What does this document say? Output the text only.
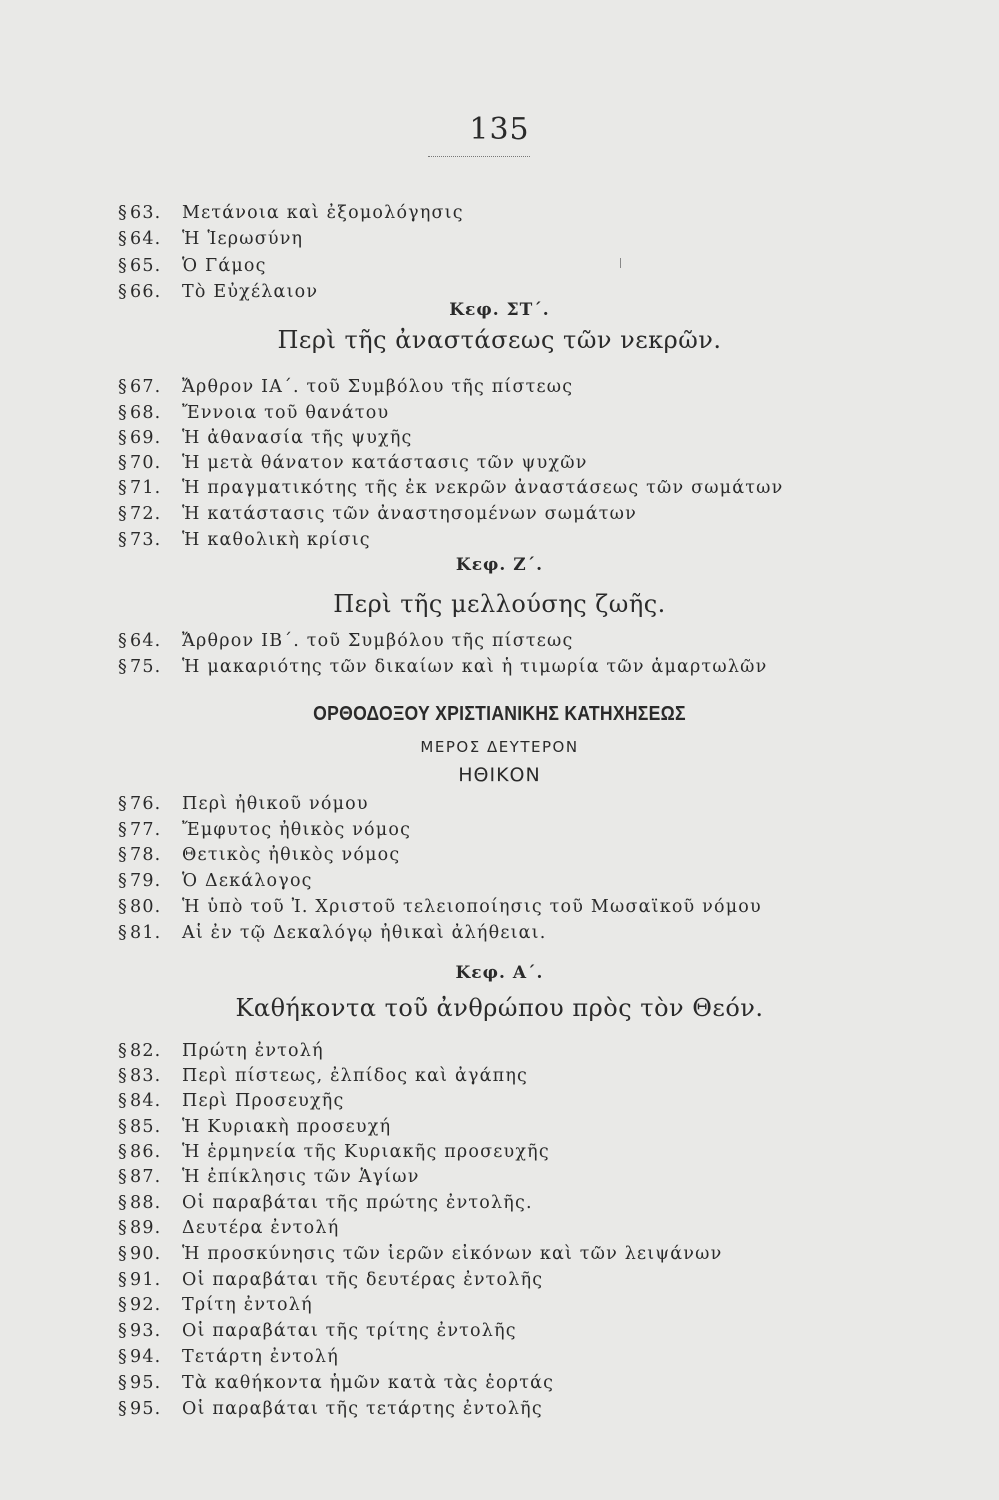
135
§ 63. Μετάνοια καὶ ἐξομολόγησις
§ 64. Ἡ Ἱερωσύνη
§ 65. Ὁ Γάμος
§ 66. Τὸ Εὐχέλαιον
Κεφ. ΣΤ΄.
Περὶ τῆς ἀναστάσεως τῶν νεκρῶν.
§ 67. Ἄρθρον ΙΑ΄. τοῦ Συμβόλου τῆς πίστεως
§ 68. Ἔννοια τοῦ θανάτου
§ 69. Ἡ ἀθανασία τῆς ψυχῆς
§ 70. Ἡ μετὰ θάνατον κατάστασις τῶν ψυχῶν
§ 71. Ἡ πραγματικότης τῆς ἐκ νεκρῶν ἀναστάσεως τῶν σωμάτων
§ 72. Ἡ κατάστασις τῶν ἀναστησομένων σωμάτων
§ 73. Ἡ καθολικὴ κρίσις
Κεφ. Ζ΄.
Περὶ τῆς μελλούσης ζωῆς.
§ 64. Ἄρθρον ΙΒ΄. τοῦ Συμβόλου τῆς πίστεως
§ 75. Ἡ μακαριότης τῶν δικαίων καὶ ἡ τιμωρία τῶν ἁμαρτωλῶν
ΟΡΘΟΔΟΞΟΥ ΧΡΙΣΤΙΑΝΙΚΗΣ ΚΑΤΗΧΗΣΕΩΣ
ΜΕΡΟΣ ΔΕΥΤΕΡΟΝ
ΗΘΙΚΟΝ
§ 76. Περὶ ἠθικοῦ νόμου
§ 77. Ἔμφυτος ἠθικὸς νόμος
§ 78. Θετικὸς ἠθικὸς νόμος
§ 79. Ὁ Δεκάλογος
§ 80. Ἡ ὑπὸ τοῦ Ἰ. Χριστοῦ τελειοποίησις τοῦ Μωσαϊκοῦ νόμου
§ 81. Αἱ ἐν τῷ Δεκαλόγῳ ἠθικαὶ ἀλήθειαι.
Κεφ. Α΄.
Καθήκοντα τοῦ ἀνθρώπου πρὸς τὸν Θεόν.
§ 82. Πρώτη ἐντολή
§ 83. Περὶ πίστεως, ἐλπίδος καὶ ἀγάπης
§ 84. Περὶ Προσευχῆς
§ 85. Ἡ Κυριακὴ προσευχή
§ 86. Ἡ ἑρμηνεία τῆς Κυριακῆς προσευχῆς
§ 87. Ἡ ἐπίκλησις τῶν Ἁγίων
§ 88. Οἱ παραβάται τῆς πρώτης ἐντολῆς.
§ 89. Δευτέρα ἐντολή
§ 90. Ἡ προσκύνησις τῶν ἱερῶν εἰκόνων καὶ τῶν λειψάνων
§ 91. Οἱ παραβάται τῆς δευτέρας ἐντολῆς
§ 92. Τρίτη ἐντολή
§ 93. Οἱ παραβάται τῆς τρίτης ἐντολῆς
§ 94. Τετάρτη ἐντολή
§ 95. Τὰ καθήκοντα ἡμῶν κατὰ τὰς ἑορτάς
§ 95. Οἱ παραβάται τῆς τετάρτης ἐντολῆς
